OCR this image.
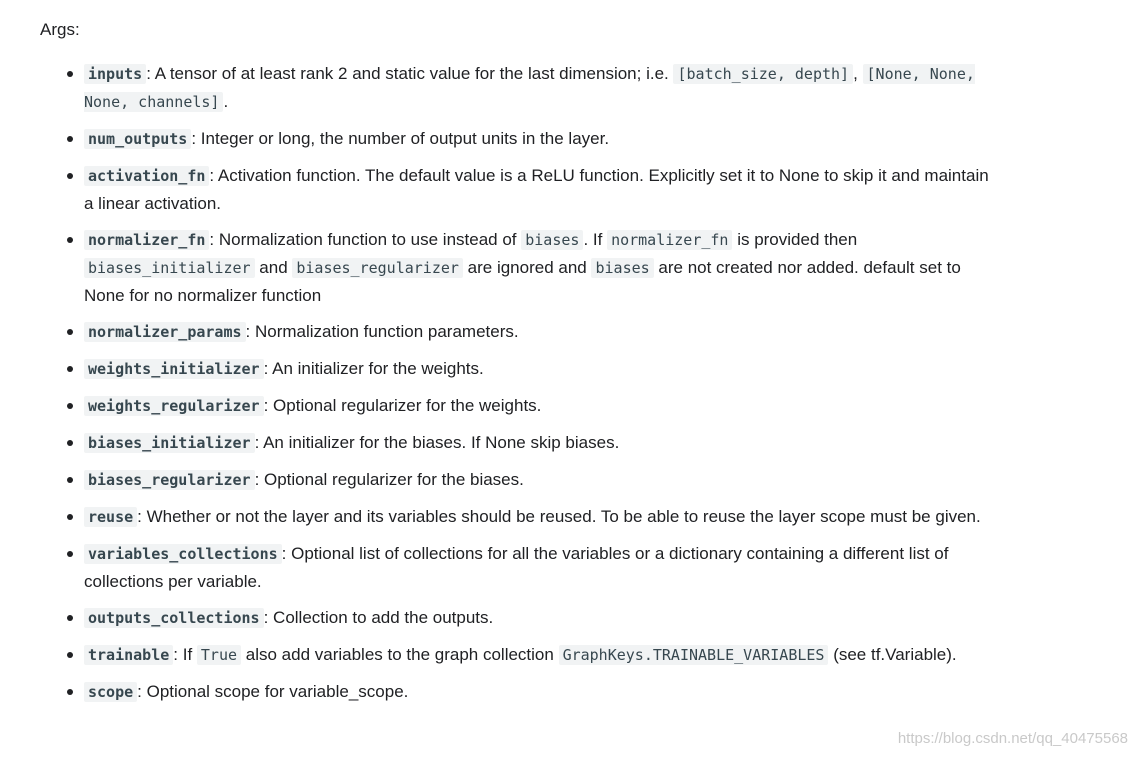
Args:
inputs : A tensor of at least rank 2 and static value for the last dimension; i.e. [batch_size, depth] , [None, None, None, channels] .
num_outputs : Integer or long, the number of output units in the layer.
activation_fn : Activation function. The default value is a ReLU function. Explicitly set it to None to skip it and maintain a linear activation.
normalizer_fn : Normalization function to use instead of biases . If normalizer_fn is provided then biases_initializer and biases_regularizer are ignored and biases are not created nor added. default set to None for no normalizer function
normalizer_params : Normalization function parameters.
weights_initializer : An initializer for the weights.
weights_regularizer : Optional regularizer for the weights.
biases_initializer : An initializer for the biases. If None skip biases.
biases_regularizer : Optional regularizer for the biases.
reuse : Whether or not the layer and its variables should be reused. To be able to reuse the layer scope must be given.
variables_collections : Optional list of collections for all the variables or a dictionary containing a different list of collections per variable.
outputs_collections : Collection to add the outputs.
trainable : If True also add variables to the graph collection GraphKeys.TRAINABLE_VARIABLES (see tf.Variable).
scope : Optional scope for variable_scope.
https://blog.csdn.net/qq_40475568
